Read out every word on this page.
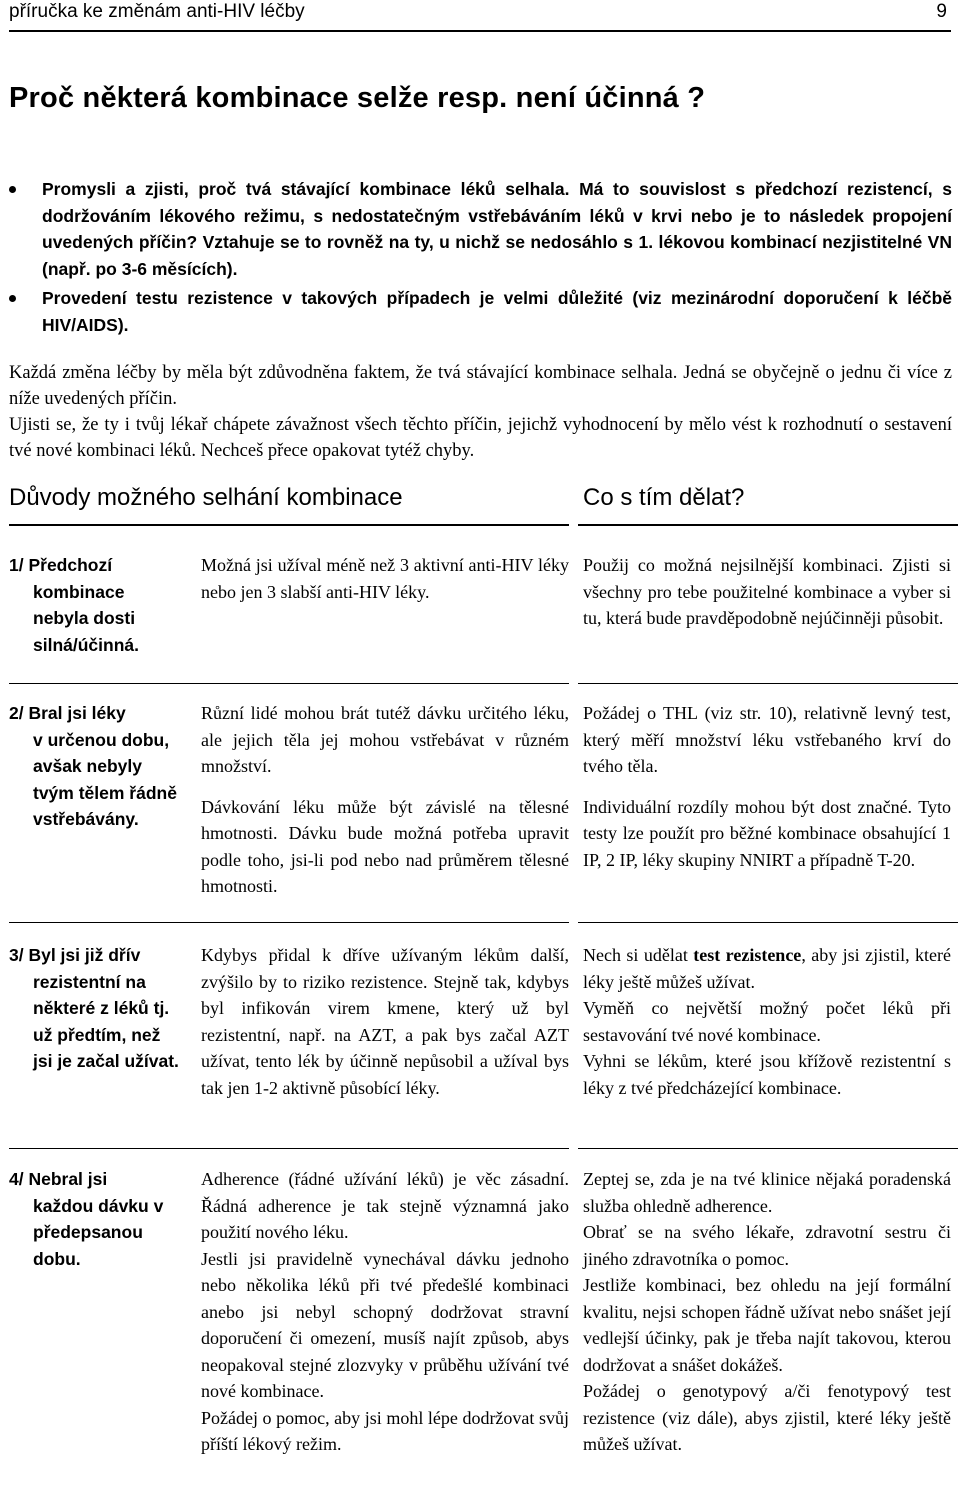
příručka ke změnám anti-HIV léčby	9
Proč některá kombinace selže resp. není účinná ?
Promysli a zjisti, proč tvá stávající kombinace léků selhala. Má to souvislost s předchozí rezistencí, s dodržováním lékového režimu, s nedostatečným vstřebáváním léků v krvi nebo je to následek propojení uvedených příčin? Vztahuje se to rovněž na ty, u nichž se nedosáhlo s 1. lékovou kombinací nezjistitelné VN (např. po 3-6 měsících).
Provedení testu rezistence v takových případech je velmi důležité (viz mezinárodní doporučení k léčbě HIV/AIDS).
Každá změna léčby by měla být zdůvodněna faktem, že tvá stávající kombinace selhala. Jedná se obyčejně o jednu či více z níže uvedených příčin.
Ujisti se, že ty i tvůj lékař chápete závažnost všech těchto příčin, jejichž vyhodnocení by mělo vést k rozhodnutí o sestavení tvé nové kombinaci léků. Nechceš přece opakovat tytéž chyby.
Důvody možného selhání kombinace	Co s tím dělat?
1/ Předchozí
kombinace nebyla dosti silná/účinná.

Možná jsi užíval méně než 3 aktivní anti-HIV léky nebo jen 3 slabší anti-HIV léky.

Použij co možná nejsilnější kombinaci. Zjisti si všechny pro tebe použitelné kombinace a vyber si tu, která bude pravděpodobně nejúčinněji působit.

2/ Bral jsi léky
v určenou dobu, avšak nebyly tvým tělem řádně vstřebávány.

Různí lidé mohou brát tutéž dávku určitého léku, ale jejich těla jej mohou vstřebávat v různém množství.

Dávkování léku může být závislé na tělesné hmotnosti. Dávku bude možná potřeba upravit podle toho, jsi-li pod nebo nad průměrem tělesné hmotnosti.

Požádej o THL (viz str. 10), relativně levný test, který měří množství léku vstřebaného krví do tvého těla.

Individuální rozdíly mohou být dost značné. Tyto testy lze použít pro běžné kombinace obsahující 1 IP, 2 IP, léky skupiny NNIRT a případně T-20.

3/ Byl jsi již dřív
rezistentní na některé z léků tj. už předtím, než jsi je začal užívat.

Kdybys přidal k dříve užívaným lékům další, zvýšilo by to riziko rezistence. Stejně tak, kdybys byl infikován virem kmene, který už byl rezistentní, např. na AZT, a pak bys začal AZT užívat, tento lék by účinně nepůsobil a užíval bys tak jen 1-2 aktivně působící léky.

Nech si udělat test rezistence, aby jsi zjistil, které léky ještě můžeš užívat.

Vyměň co největší možný počet léků při sestavování tvé nové kombinace.

Vyhni se lékům, které jsou křížově rezistentní s léky z tvé předcházející kombinace.

4/ Nebral jsi
každou dávku v předepsanou dobu.

Adherence (řádné užívání léků) je věc zásadní. Řádná adherence je tak stejně významná jako použití nového léku.

Jestli jsi pravidelně vynechával dávku jednoho nebo několika léků při tvé předešlé kombinaci anebo jsi nebyl schopný dodržovat stravní doporučení či omezení, musíš najít způsob, abys neopakoval stejné zlozvyky v průběhu užívání tvé nové kombinace.

Požádej o pomoc, aby jsi mohl lépe dodržovat svůj příští lékový režim.

Zeptej se, zda je na tvé klinice nějaká poradenská služba ohledně adherence.

Obrať se na svého lékaře, zdravotní sestru či jiného zdravotníka o pomoc.

Jestliže kombinaci, bez ohledu na její formální kvalitu, nejsi schopen řádně užívat nebo snášet její vedlejší účinky, pak je třeba najít takovou, kterou dodržovat a snášet dokážeš.

Požádej o genotypový a/či fenotypový test rezistence (viz dále), abys zjistil, které léky ještě můžeš užívat.
